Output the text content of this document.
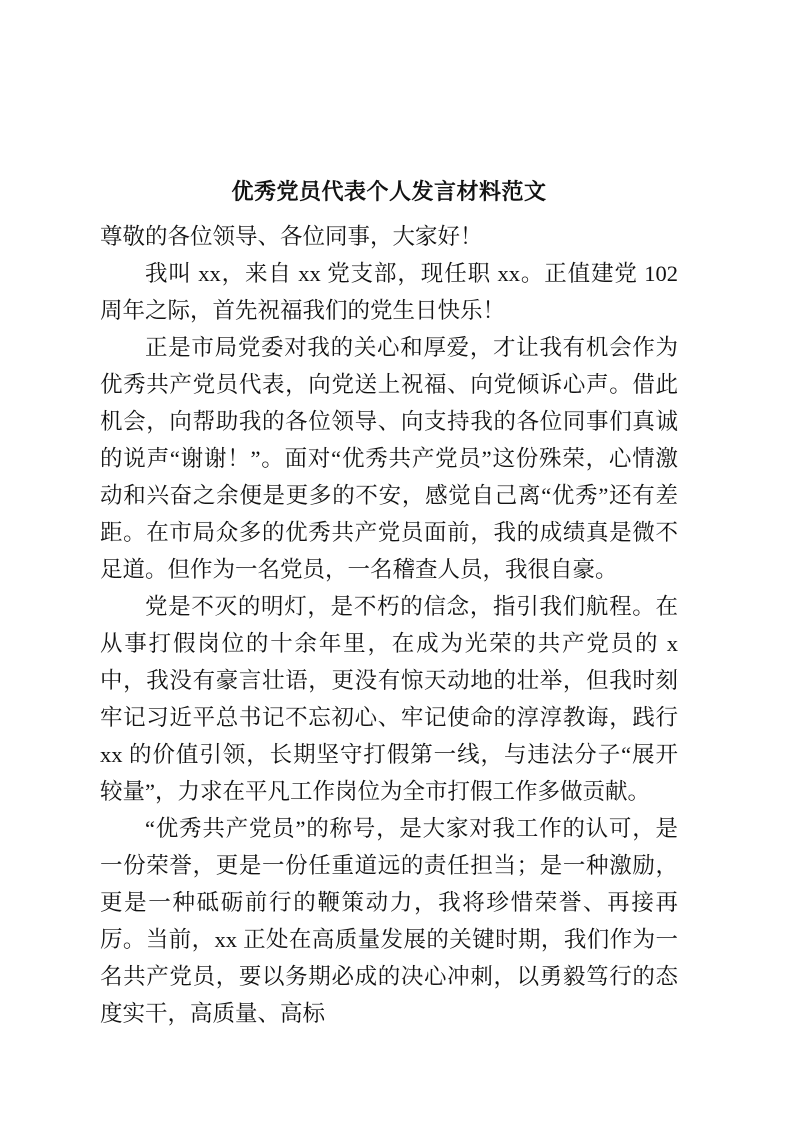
优秀党员代表个人发言材料范文

尊敬的各位领导、各位同事，大家好！

我叫 xx，来自 xx 党支部，现任职 xx。正值建党 102 周年之际，首先祝福我们的党生日快乐！

正是市局党委对我的关心和厚爱，才让我有机会作为优秀共产党员代表，向党送上祝福、向党倾诉心声。借此机会，向帮助我的各位领导、向支持我的各位同事们真诚的说声“谢谢！”。面对“优秀共产党员”这份殊荣，心情激动和兴奋之余便是更多的不安，感觉自己离“优秀”还有差距。在市局众多的优秀共产党员面前，我的成绩真是微不足道。但作为一名党员，一名稽查人员，我很自豪。

党是不灭的明灯，是不朽的信念，指引我们航程。在从事打假岗位的十余年里，在成为光荣的共产党员的 x 中，我没有豪言壮语，更没有惊天动地的壮举，但我时刻牢记习近平总书记不忘初心、牢记使命的淳淳教诲，践行 xx 的价值引领，长期坚守打假第一线，与违法分子“展开较量”，力求在平凡工作岗位为全市打假工作多做贡献。

“优秀共产党员”的称号，是大家对我工作的认可，是一份荣誉，更是一份任重道远的责任担当；是一种激励，更是一种砥砺前行的鞭策动力，我将珍惜荣誉、再接再厉。当前，xx 正处在高质量发展的关键时期，我们作为一名共产党员，要以务期必成的决心冲刺，以勇毅笃行的态度实干，高质量、高标
